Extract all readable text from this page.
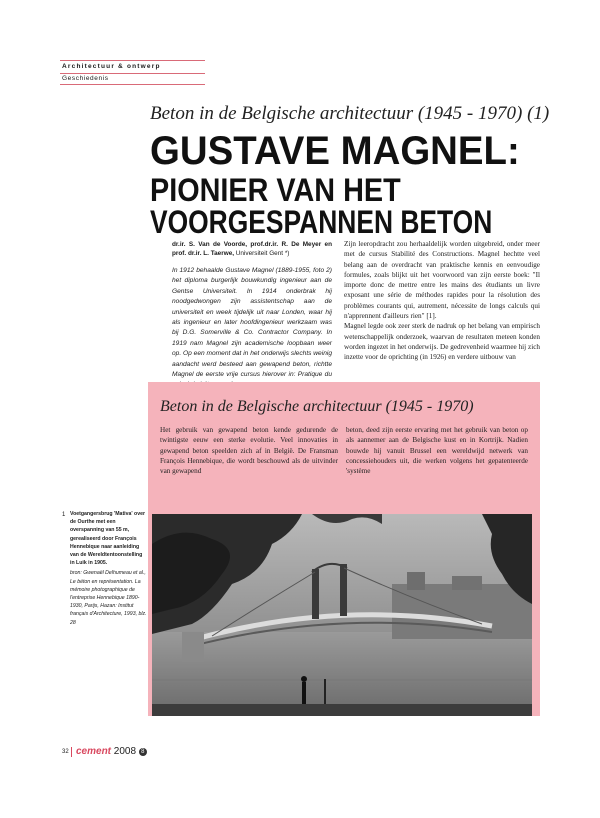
Architectuur & ontwerp
Geschiedenis
Beton in de Belgische architectuur (1945 - 1970) (1)
GUSTAVE MAGNEL:
PIONIER VAN HET
VOORGESPANNEN BETON
dr.ir. S. Van de Voorde, prof.dr.ir. R. De Meyer en prof. dr.ir. L. Taerwe, Universiteit Gent *)
In 1912 behaalde Gustave Magnel (1889-1955, foto 2) het diploma burgerlijk bouwkundig ingenieur aan de Gentse Universiteit. In 1914 onderbrak hij noodgedwongen zijn assistentschap aan de universiteit en week tijdelijk uit naar Londen, waar hij als ingenieur en later hoofdingenieur werkzaam was bij D.G. Somerville & Co. Contractor Company. In 1919 nam Magnel zijn academische loopbaan weer op. Op een moment dat in het onderwijs slechts weinig aandacht werd besteed aan gewapend beton, richtte Magnel de eerste vrije cursus hierover in: Pratique du

Zijn leeropdracht zou herhaaldelijk worden uitgebreid, onder meer met de cursus Stabilité des Constructions. Magnel hechtte veel belang aan de overdracht van praktische kennis en eenvoudige formules, zoals blijkt uit het voorwoord van zijn eerste boek: "Il importe donc de mettre entre les mains des étudiants un livre exposant une série de méthodes rapides pour la résolution des problèmes courants qui, autrement, nécessite de longs calculs qui n'apprennent d'ailleurs rien" [1].

Magnel legde ook zeer sterk de nadruk op het belang van empirisch wetenschappelijk onderzoek, waarvan de resultaten meteen konden worden ingezet in het onderwijs. De gedrevenheid waarmee hij zich inzette voor de oprichting (in 1926) en verdere uitbouw van

Beton in de Belgische architectuur (1945 - 1970)
Het gebruik van gewapend beton kende gedurende de twintigste eeuw een sterke evolutie. Veel innovaties in gewapend beton speelden zich af in België. De Fransman François Hennebique, die wordt beschouwd als de uitvinder van gewapend
beton, deed zijn eerste ervaring met het gebruik van beton op als aannemer aan de Belgische kust en in Kortrijk. Nadien bouwde hij vanuit Brussel een wereldwijd netwerk van concessiehouders uit, die werken volgens het gepatenteerde 'système
1 Voetgangersbrug 'Mativa' over de Ourthe met een overspanning van 55 m, gerealiseerd door François Hennebique naar aanleiding van de Wereldtentoonstelling in Luik in 1905.
bron: Gwenaël Delhumeau et al., Le béton en représentation. La mémoire photographique de l'entreprise Hennebique 1890-1930, Parijs, Hazan: Institut français d'Architecture, 1993, blz. 28
32 cement 2008 8
